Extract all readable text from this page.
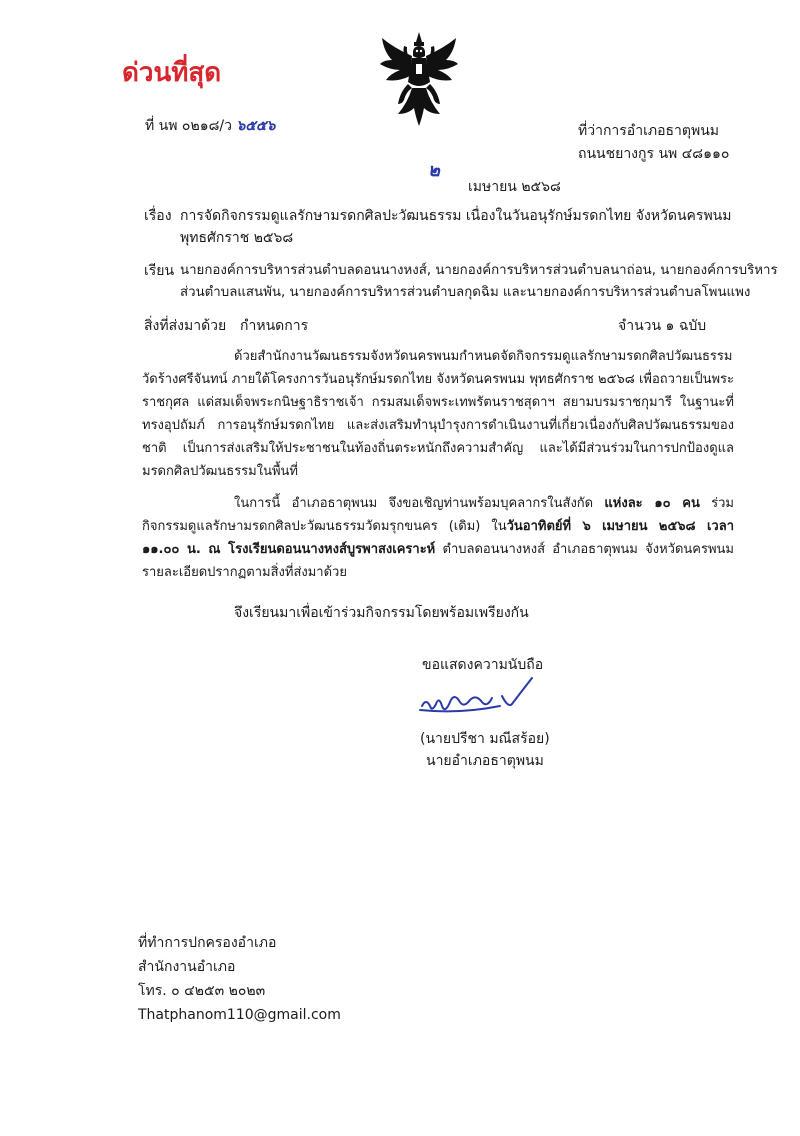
ด่วนที่สุด
ที่ นพ ๐๒๑๘/ว ๖๕๕๖	ที่ว่าการอำเภอธาตุพนม
ถนนชยางกูร นพ ๔๘๑๑๐
๒
เมษายน ๒๕๖๘
เรื่อง การจัดกิจกรรมดูแลรักษามรดกศิลปะวัฒนธรรม เนื่องในวันอนุรักษ์มรดกไทย จังหวัดนครพนม
พุทธศักราช ๒๕๖๘
เรียน นายกองค์การบริหารส่วนตำบลดอนนางหงส์, นายกองค์การบริหารส่วนตำบลนาถ่อน, นายกองค์การบริหาร
ส่วนตำบลแสนพัน, นายกองค์การบริหารส่วนตำบลกุดฉิม และนายกองค์การบริหารส่วนตำบลโพนแพง
สิ่งที่ส่งมาด้วย กำหนดการ	จำนวน ๑ ฉบับ
ด้วยสำนักงานวัฒนธรรมจังหวัดนครพนมกำหนดจัดกิจกรรมดูแลรักษามรดกศิลปวัฒนธรรม วัดร้างศรีจันทน์ ภายใต้โครงการวันอนุรักษ์มรดกไทย จังหวัดนครพนม พุทธศักราช ๒๕๖๘ เพื่อถวายเป็นพระราชกุศล แด่สมเด็จพระกนิษฐาธิราชเจ้า กรมสมเด็จพระเทพรัตนราชสุดาฯ สยามบรมราชกุมารี ในฐานะที่ทรงอุปถัมภ์ การอนุรักษ์มรดกไทย และส่งเสริมทำนุบำรุงการดำเนินงานที่เกี่ยวเนื่องกับศิลปวัฒนธรรมของชาติ เป็นการส่งเสริมให้ประชาชนในท้องถิ่นตระหนักถึงความสำคัญ และได้มีส่วนร่วมในการปกป้องดูแล มรดกศิลปวัฒนธรรมในพื้นที่
ในการนี้ อำเภอธาตุพนม จึงขอเชิญท่านพร้อมบุคลากรในสังกัด แห่งละ ๑๐ คน ร่วมกิจกรรมดูแลรักษามรดกศิลปะวัฒนธรรมวัดมรุกขนคร (เดิม) ในวันอาทิตย์ที่ ๖ เมษายน ๒๕๖๘ เวลา ๑๑.๐๐ น. ณ โรงเรียนดอนนางหงส์บูรพาสงเคราะห์ ตำบลดอนนางหงส์ อำเภอธาตุพนม จังหวัดนครพนม รายละเอียดปรากฏตามสิ่งที่ส่งมาด้วย
จึงเรียนมาเพื่อเข้าร่วมกิจกรรมโดยพร้อมเพรียงกัน
ขอแสดงความนับถือ
(นายปรีชา มณีสร้อย)
นายอำเภอธาตุพนม
ที่ทำการปกครองอำเภอ
สำนักงานอำเภอ
โทร. ๐ ๔๒๕๓ ๒๐๒๓
Thatphanom110@gmail.com
